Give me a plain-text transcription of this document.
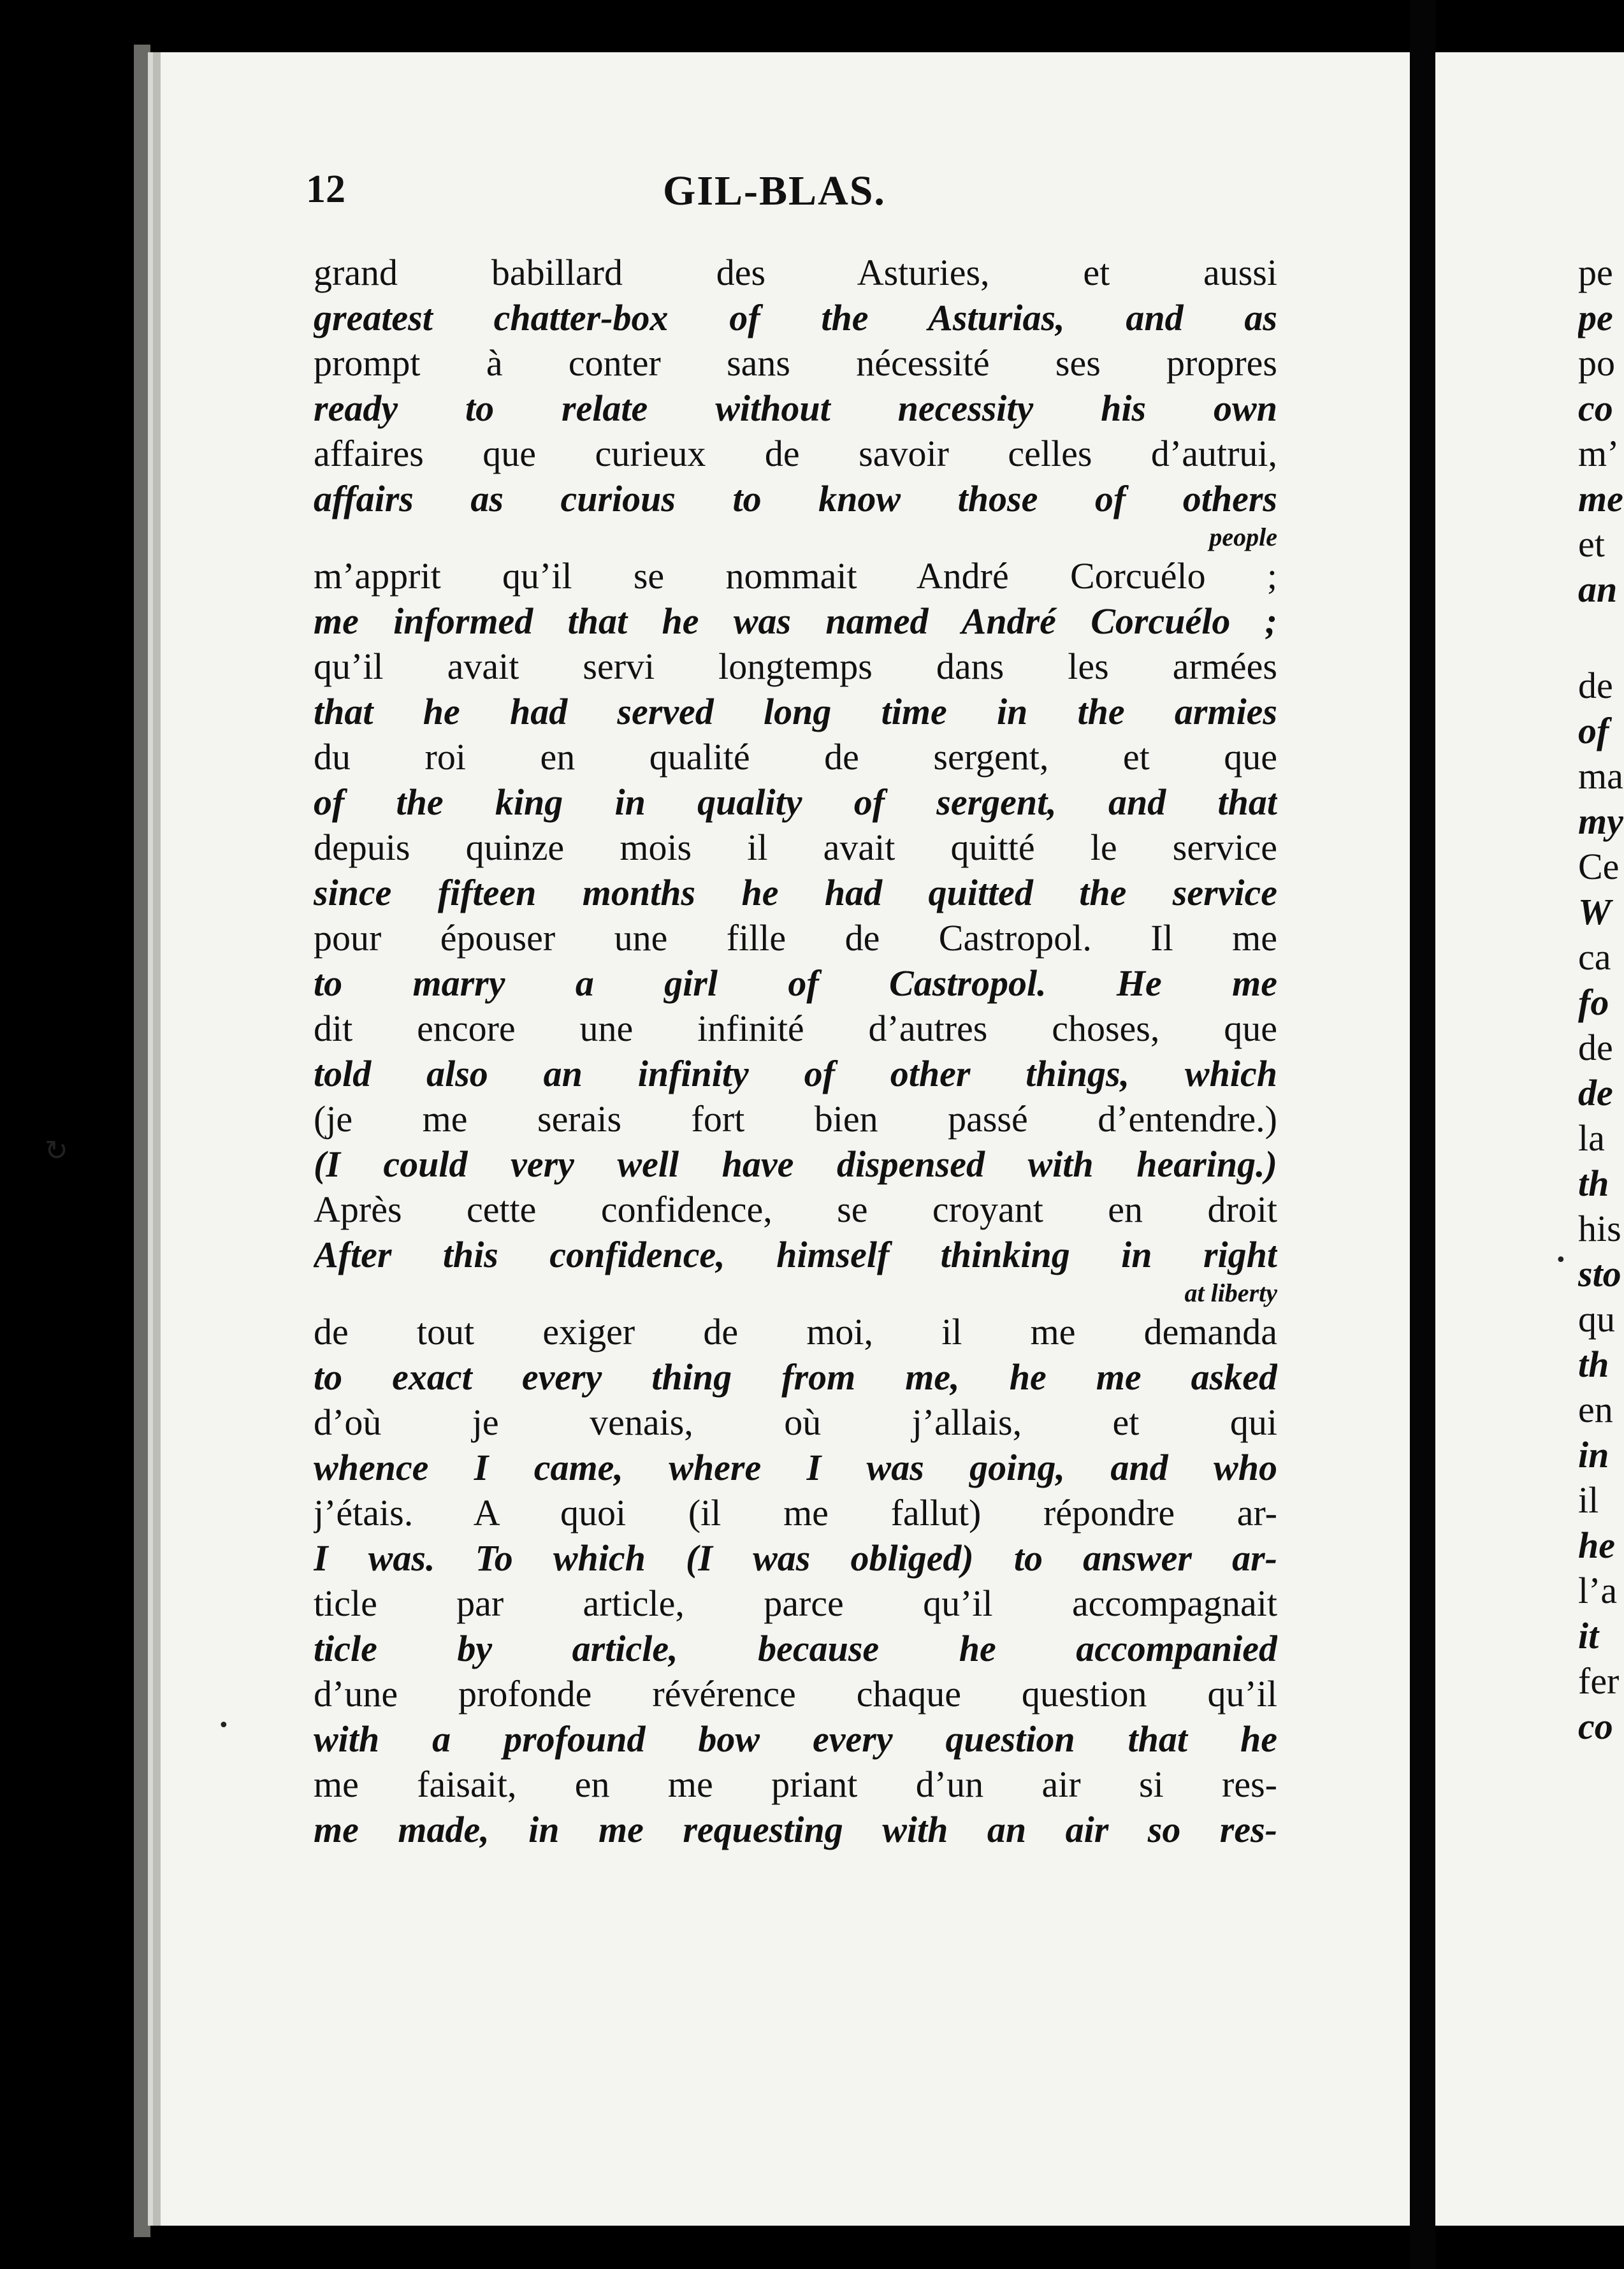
12	GIL-BLAS.
grand babillard des Asturies, et aussi
greatest chatter-box of the Asturias, and as
prompt à conter sans nécessité ses propres
ready to relate without necessity his own
affaires que curieux de savoir celles d’autrui,
affairs as curious to know those of others
people
m’apprit qu’il se nommait André Corcuélo ;
me informed that he was named André Corcuélo ;
qu’il avait servi longtemps dans les armées
that he had served long time in the armies
du roi en qualité de sergent, et que
of the king in quality of sergent, and that
depuis quinze mois il avait quitté le service
since fifteen months he had quitted the service
pour épouser une fille de Castropol. Il me
to marry a girl of Castropol. He me
dit encore une infinité d’autres choses, que
told also an infinity of other things, which
(je me serais fort bien passé d’entendre.)
(I could very well have dispensed with hearing.)
Après cette confidence, se croyant en droit
After this confidence, himself thinking in right
at liberty
de tout exiger de moi, il me demanda
to exact every thing from me, he me asked
d’où je venais, où j’allais, et qui
whence I came, where I was going, and who
j’étais. A quoi (il me fallut) répondre ar-
I was. To which (I was obliged) to answer ar-
ticle par article, parce qu’il accompagnait
ticle by article, because he accompanied
d’une profonde révérence chaque question qu’il
with a profound bow every question that he
me faisait, en me priant d’un air si res-
me made, in me requesting with an air so res-
pe
pe
po
co
m’
me
et
an
de
of
ma
my
Ce
W
ca
fo
de
de
la
th
his
sto
qu
th
en
in
il
he
l’a
it
fer
co
↻
•
•
